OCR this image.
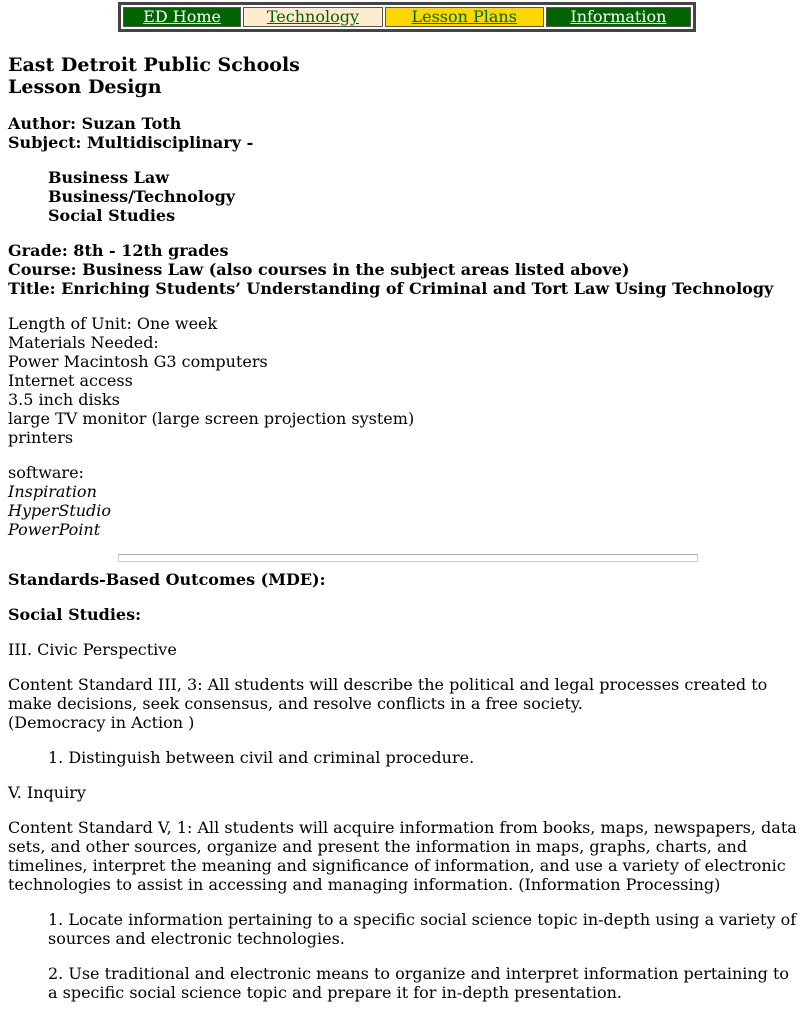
ED Home	Technology	Lesson Plans	Information
East Detroit Public Schools
Lesson Design
Author: Suzan Toth
Subject: Multidisciplinary -
Business Law
Business/Technology
Social Studies
Grade: 8th - 12th grades
Course: Business Law (also courses in the subject areas listed above)
Title: Enriching Students’ Understanding of Criminal and Tort Law Using Technology
Length of Unit: One week
Materials Needed:
Power Macintosh G3 computers
Internet access
3.5 inch disks
large TV monitor (large screen projection system)
printers
software:
Inspiration
HyperStudio
PowerPoint
Standards-Based Outcomes (MDE):
Social Studies:
III. Civic Perspective
Content Standard III, 3: All students will describe the political and legal processes created to make decisions, seek consensus, and resolve conflicts in a free society.
(Democracy in Action )
1. Distinguish between civil and criminal procedure.
V. Inquiry
Content Standard V, 1: All students will acquire information from books, maps, newspapers, data sets, and other sources, organize and present the information in maps, graphs, charts, and timelines, interpret the meaning and significance of information, and use a variety of electronic technologies to assist in accessing and managing information. (Information Processing)
1. Locate information pertaining to a specific social science topic in-depth using a variety of sources and electronic technologies.
2. Use traditional and electronic means to organize and interpret information pertaining to a specific social science topic and prepare it for in-depth presentation.
